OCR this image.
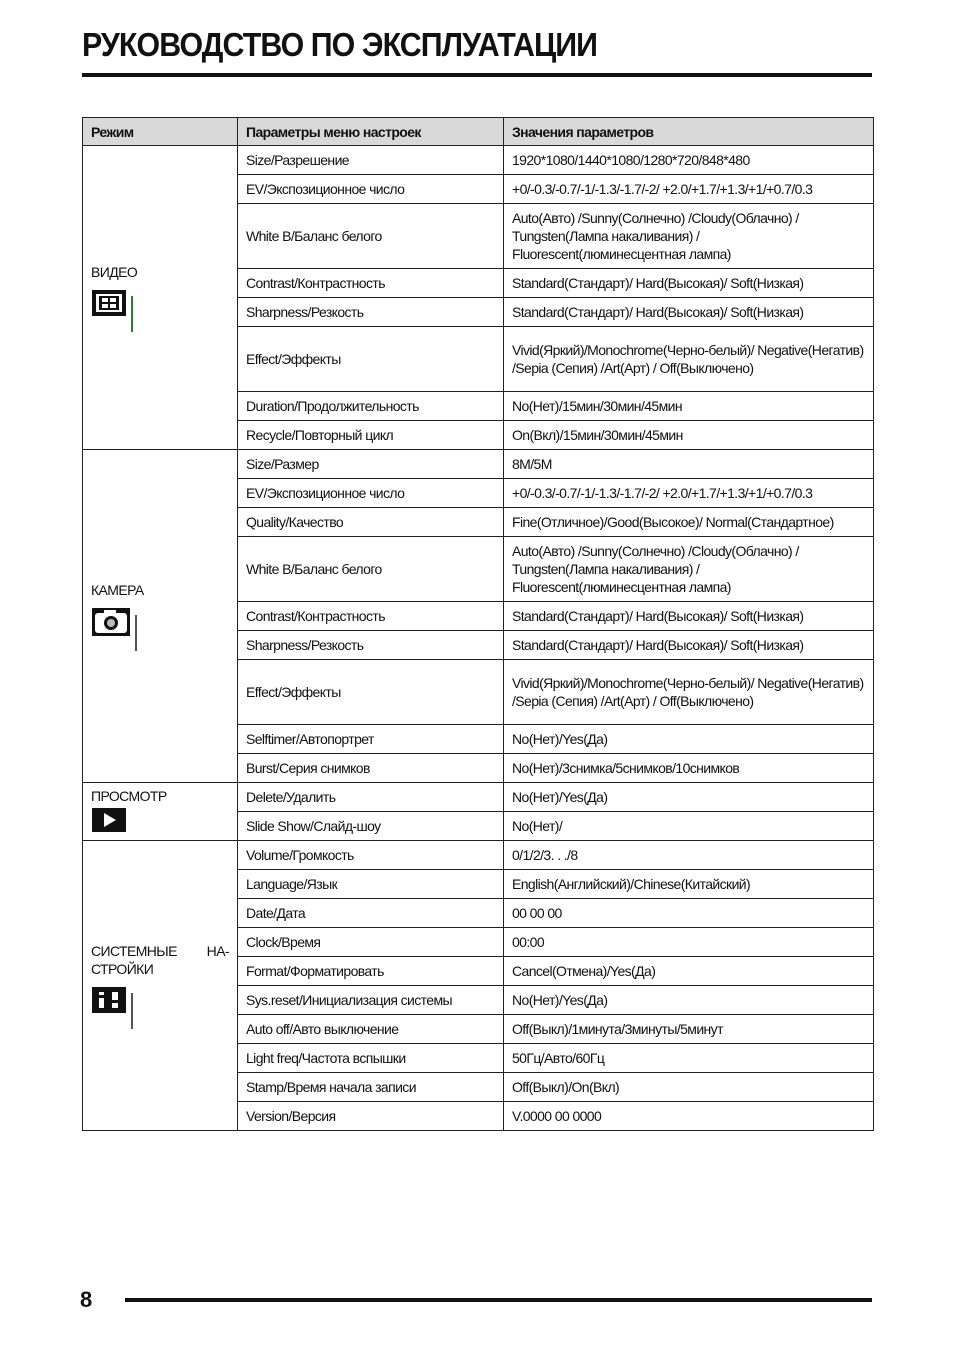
РУКОВОДСТВО ПО ЭКСПЛУАТАЦИИ
Режим	Параметры меню настроек	Значения параметров

ВИДЕО	Size/Разрешение	1920*1080/1440*1080/1280*720/848*480
	EV/Экспозиционное число	+0/-0.3/-0.7/-1/-1.3/-1.7/-2/ +2.0/+1.7/+1.3/+1/+0.7/0.3
	White B/Баланс белого	Auto(Авто) /Sunny(Солнечно) /Cloudy(Облачно) / Tungsten(Лампа накаливания) / Fluorescent(люминесцентная лампа)
	Contrast/Контрастность	Standard(Стандарт)/ Hard(Высокая)/ Soft(Низкая)
	Sharpness/Резкость	Standard(Стандарт)/ Hard(Высокая)/ Soft(Низкая)
	Effect/Эффекты	Vivid(Яркий)/Monochrome(Черно-белый)/ Negative(Негатив) /Sepia (Сепия) /Art(Арт) / Off(Выключено)
	Duration/Продолжительность	No(Нет)/15мин/30мин/45мин
	Recycle/Повторный цикл	On(Вкл)/15мин/30мин/45мин

КАМЕРА	Size/Размер	8M/5M
	EV/Экспозиционное число	+0/-0.3/-0.7/-1/-1.3/-1.7/-2/ +2.0/+1.7/+1.3/+1/+0.7/0.3
	Quality/Качество	Fine(Отличное)/Good(Высокое)/ Normal(Стандартное)
	White B/Баланс белого	Auto(Авто) /Sunny(Солнечно) /Cloudy(Облачно) / Tungsten(Лампа накаливания) / Fluorescent(люминесцентная лампа)
	Contrast/Контрастность	Standard(Стандарт)/ Hard(Высокая)/ Soft(Низкая)
	Sharpness/Резкость	Standard(Стандарт)/ Hard(Высокая)/ Soft(Низкая)
	Effect/Эффекты	Vivid(Яркий)/Monochrome(Черно-белый)/ Negative(Негатив) /Sepia (Сепия) /Art(Арт) / Off(Выключено)
	Selftimer/Автопортрет	No(Нет)/Yes(Да)
	Burst/Серия снимков	No(Нет)/3снимка/5снимков/10снимков

ПРОСМОТР	Delete/Удалить	No(Нет)/Yes(Да)
	Slide Show/Слайд-шоу	No(Нет)/

СИСТЕМНЫЕ НА-СТРОЙКИ	Volume/Громкость	0/1/2/3. . ./8
	Language/Язык	English(Английский)/Chinese(Китайский)
	Date/Дата	00 00 00
	Clock/Время	00:00
	Format/Форматировать	Cancel(Отмена)/Yes(Да)
	Sys.reset/Инициализация системы	No(Нет)/Yes(Да)
	Auto off/Авто выключение	Off(Выкл)/1минута/3минуты/5минут
	Light freq/Частота вспышки	50Гц/Авто/60Гц
	Stamp/Время начала записи	Off(Выкл)/On(Вкл)
	Version/Версия	V.0000 00 0000
8
